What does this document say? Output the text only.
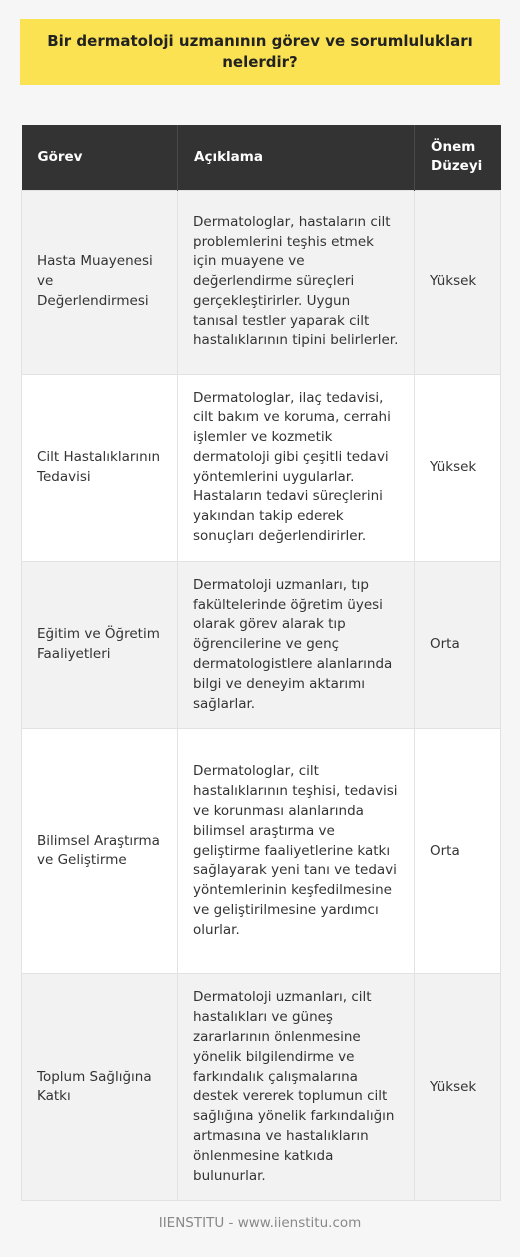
Bir dermatoloji uzmanının görev ve sorumlulukları nelerdir?
Görev	Açıklama	Önem Düzeyi
Hasta Muayenesi ve Değerlendirmesi	Dermatologlar, hastaların cilt problemlerini teşhis etmek için muayene ve değerlendirme süreçleri gerçekleştirirler. Uygun tanısal testler yaparak cilt hastalıklarının tipini belirlerler.	Yüksek
Cilt Hastalıklarının Tedavisi	Dermatologlar, ilaç tedavisi, cilt bakım ve koruma, cerrahi işlemler ve kozmetik dermatoloji gibi çeşitli tedavi yöntemlerini uygularlar. Hastaların tedavi süreçlerini yakından takip ederek sonuçları değerlendirirler.	Yüksek
Eğitim ve Öğretim Faaliyetleri	Dermatoloji uzmanları, tıp fakültelerinde öğretim üyesi olarak görev alarak tıp öğrencilerine ve genç dermatologistlere alanlarında bilgi ve deneyim aktarımı sağlarlar.	Orta
Bilimsel Araştırma ve Geliştirme	Dermatologlar, cilt hastalıklarının teşhisi, tedavisi ve korunması alanlarında bilimsel araştırma ve geliştirme faaliyetlerine katkı sağlayarak yeni tanı ve tedavi yöntemlerinin keşfedilmesine ve geliştirilmesine yardımcı olurlar.	Orta
Toplum Sağlığına Katkı	Dermatoloji uzmanları, cilt hastalıkları ve güneş zararlarının önlenmesine yönelik bilgilendirme ve farkındalık çalışmalarına destek vererek toplumun cilt sağlığına yönelik farkındalığın artmasına ve hastalıkların önlenmesine katkıda bulunurlar.	Yüksek
IIENSTITU - www.iienstitu.com
